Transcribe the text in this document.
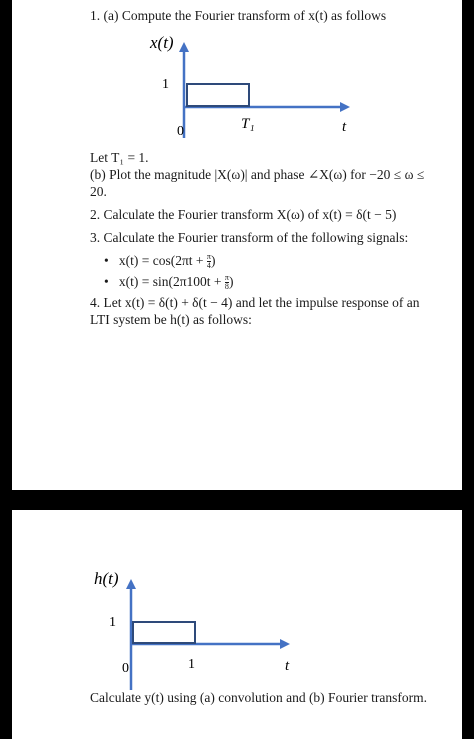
1. (a) Compute the Fourier transform of x(t) as follows
x(t)
1
0	T₁	t
Let T₁ = 1.
(b) Plot the magnitude |X(ω)| and phase ∠X(ω) for −20 ≤ ω ≤
20.
2. Calculate the Fourier transform X(ω) of x(t) = δ(t − 5)
3. Calculate the Fourier transform of the following signals:
• $x(t) = \cos(2\pi t + \frac{\pi}{4}$ )
• $x(t) = \sin(2\pi 100t + \frac{\pi}{8}$ )
4. Let x(t) = δ(t) + δ(t − 4) and let the impulse response of an
LTI system be h(t) as follows:
h(t)
1
0	1	t
Calculate y(t) using (a) convolution and (b) Fourier transform.
